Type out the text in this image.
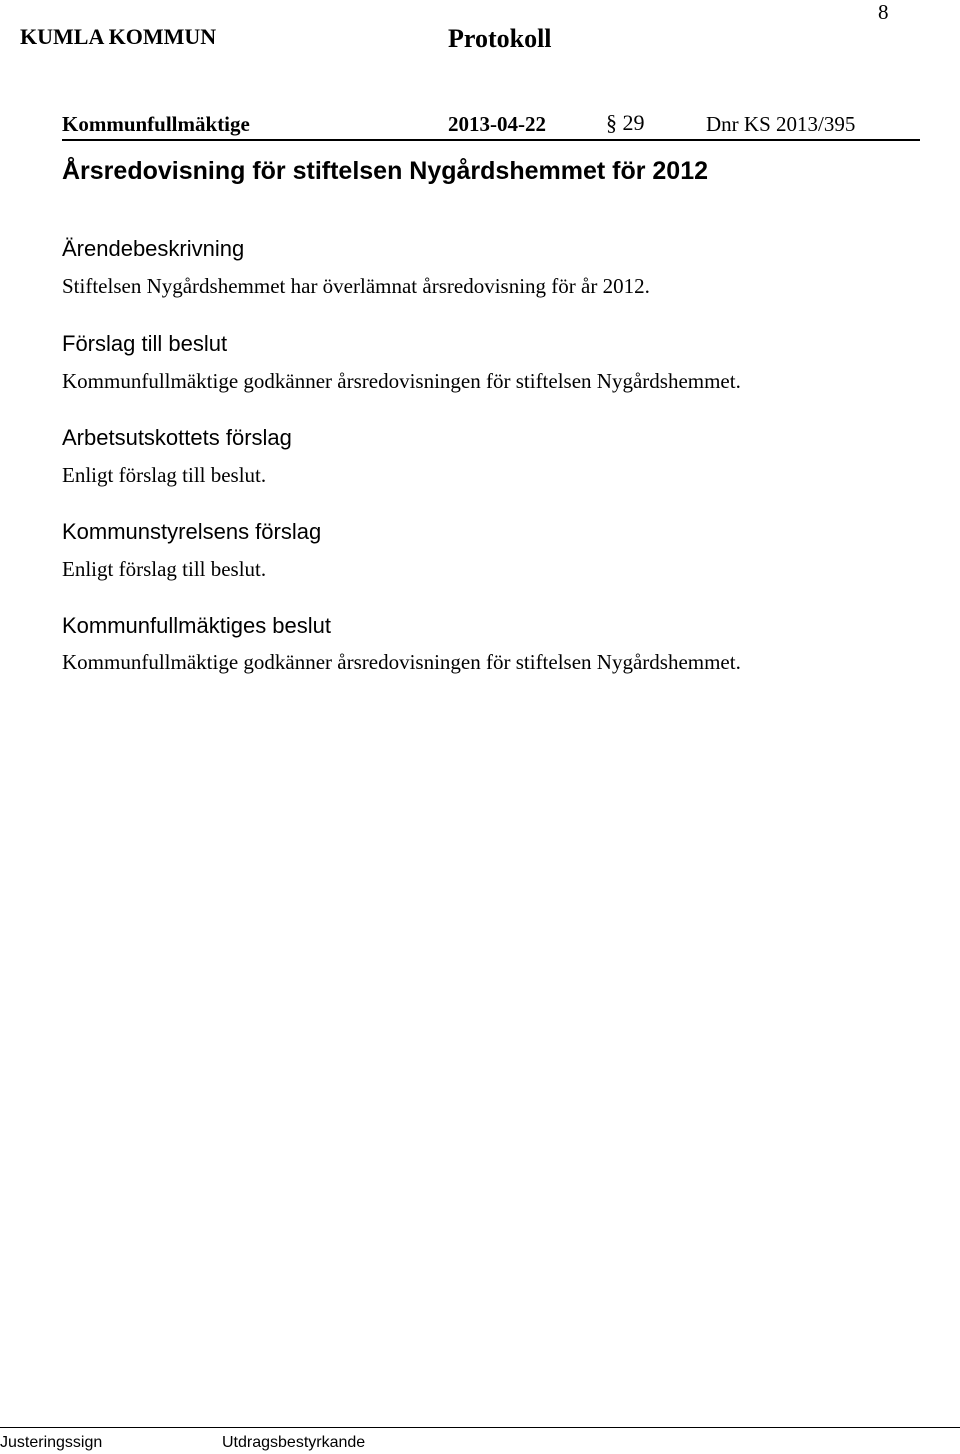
8
KUMLA KOMMUN	Protokoll
Kommunfullmäktige	2013-04-22	§ 29	Dnr KS 2013/395
Årsredovisning för stiftelsen Nygårdshemmet för 2012
Ärendebeskrivning
Stiftelsen Nygårdshemmet har överlämnat årsredovisning för år 2012.
Förslag till beslut
Kommunfullmäktige godkänner årsredovisningen för stiftelsen Nygårdshemmet.
Arbetsutskottets förslag
Enligt förslag till beslut.
Kommunstyrelsens förslag
Enligt förslag till beslut.
Kommunfullmäktiges beslut
Kommunfullmäktige godkänner årsredovisningen för stiftelsen Nygårdshemmet.
Justeringssign	Utdragsbestyrkande
